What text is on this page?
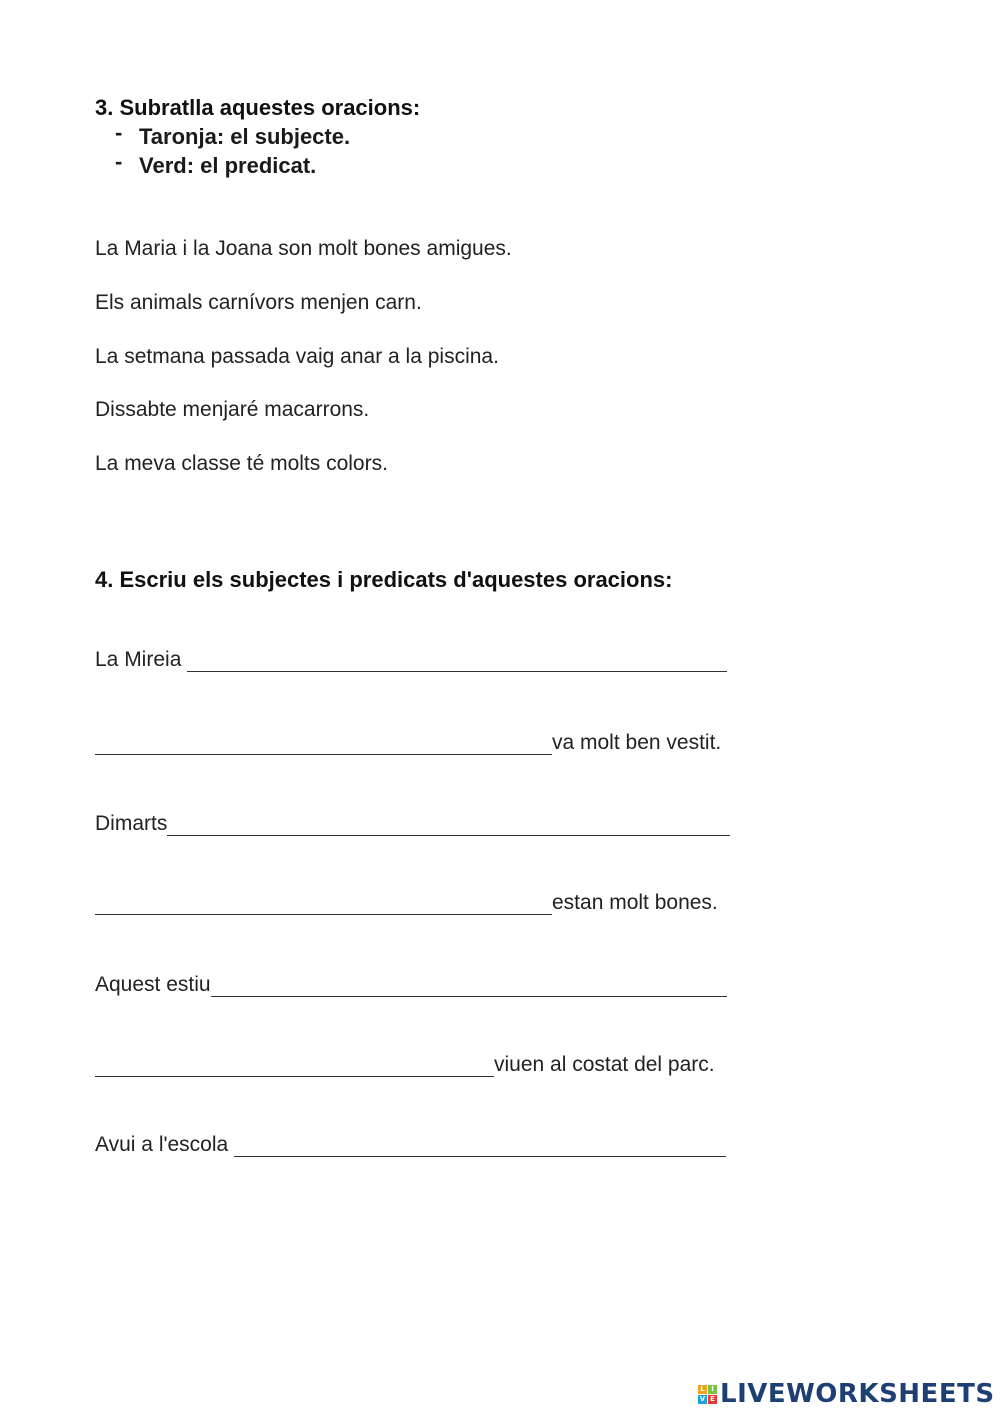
3. Subratlla aquestes oracions:
- Taronja: el subjecte.
- Verd: el predicat.
La Maria i la Joana son molt bones amigues.
Els animals carnívors menjen carn.
La setmana passada vaig anar a la piscina.
Dissabte menjaré macarrons.
La meva classe té molts colors.
4. Escriu els subjectes i predicats d'aquestes oracions:
La Mireia
va molt ben vestit.
Dimarts
estan molt bones.
Aquest estiu
viuen al costat del parc.
Avui a l'escola
L I
V E LIVEWORKSHEETS
